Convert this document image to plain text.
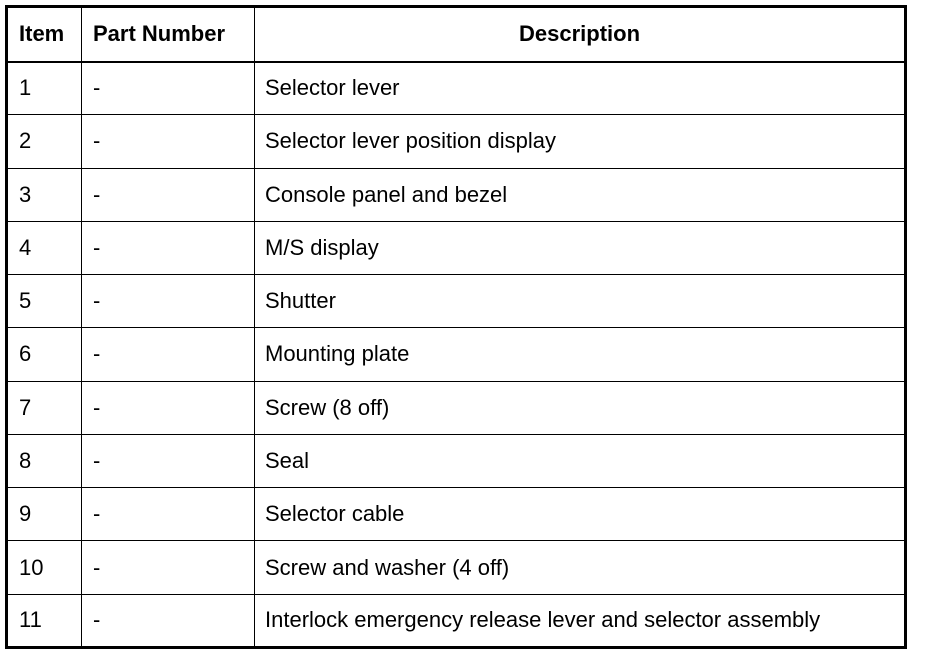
Item	Part Number	Description
1	-	Selector lever
2	-	Selector lever position display
3	-	Console panel and bezel
4	-	M/S display
5	-	Shutter
6	-	Mounting plate
7	-	Screw (8 off)
8	-	Seal
9	-	Selector cable
10	-	Screw and washer (4 off)
11	-	Interlock emergency release lever and selector assembly
